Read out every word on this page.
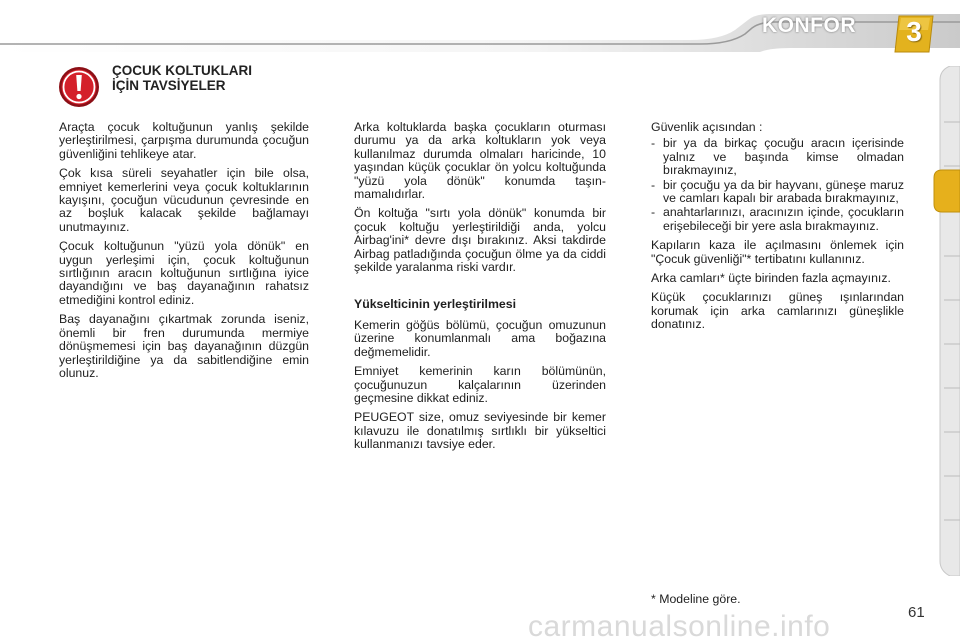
KONFOR	3
ÇOCUK KOLTUKLARI
İÇİN TAVSİYELER

Araçta çocuk koltuğunun yanlış şekilde yerleştirilmesi, çarpışma durumunda çocuğun güvenliğini tehlikeye atar.

Çok kısa süreli seyahatler için bile olsa, emniyet kemerlerini veya çocuk koltuklarının kayışını, çocuğun vücudunun çevresinde en az boşluk kalacak şekilde bağlamayı unutmayınız.

Çocuk koltuğunun "yüzü yola dönük" en uygun yerleşimi için, çocuk koltuğunun sırtlığının aracın koltuğunun sırtlığına iyice dayandığını ve baş dayanağının rahatsız etmediğini kontrol ediniz.

Baş dayanağını çıkartmak zorunda iseniz, önemli bir fren durumunda mermiye dönüşmemesi için baş dayanağının düzgün yerleştirildiğine ya da sabitlendiğine emin olunuz.

Arka koltuklarda başka çocukların oturması durumu ya da arka koltukların yok veya kullanılmaz durumda olmaları haricinde, 10 yaşından küçük çocuklar ön yolcu koltuğunda "yüzü yola dönük" konumda taşınmamalıdırlar.

Ön koltuğa "sırtı yola dönük" konumda bir çocuk koltuğu yerleştirildiği anda, yolcu Airbag'ini* devre dışı bırakınız. Aksi takdirde Airbag patladığında çocuğun ölme ya da ciddi şekilde yaralanma riski vardır.

Yükselticinin yerleştirilmesi

Kemerin göğüs bölümü, çocuğun omuzunun üzerine konumlanmalı ama boğazına değmemelidir.

Emniyet kemerinin karın bölümünün, çocuğunuzun kalçalarının üzerinden geçmesine dikkat ediniz.

PEUGEOT size, omuz seviyesinde bir kemer kılavuzu ile donatılmış sırtlıklı bir yükseltici kullanmanızı tavsiye eder.

Güvenlik açısından :

- bir ya da birkaç çocuğu aracın içerisinde yalnız ve başında kimse olmadan bırakmayınız,
- bir çocuğu ya da bir hayvanı, güneşe maruz ve camları kapalı bir arabada bırakmayınız,
- anahtarlarınızı, aracınızın içinde, çocukların erişebileceği bir yere asla bırakmayınız.

Kapıların kaza ile açılmasını önlemek için "Çocuk güvenliği"* tertibatını kullanınız.

Arka camları* üçte birinden fazla açmayınız.

Küçük çocuklarınızı güneş ışınlarından korumak için arka camlarınızı güneşlikle donatınız.

* Modeline göre.
carmanualsonline.info	61
